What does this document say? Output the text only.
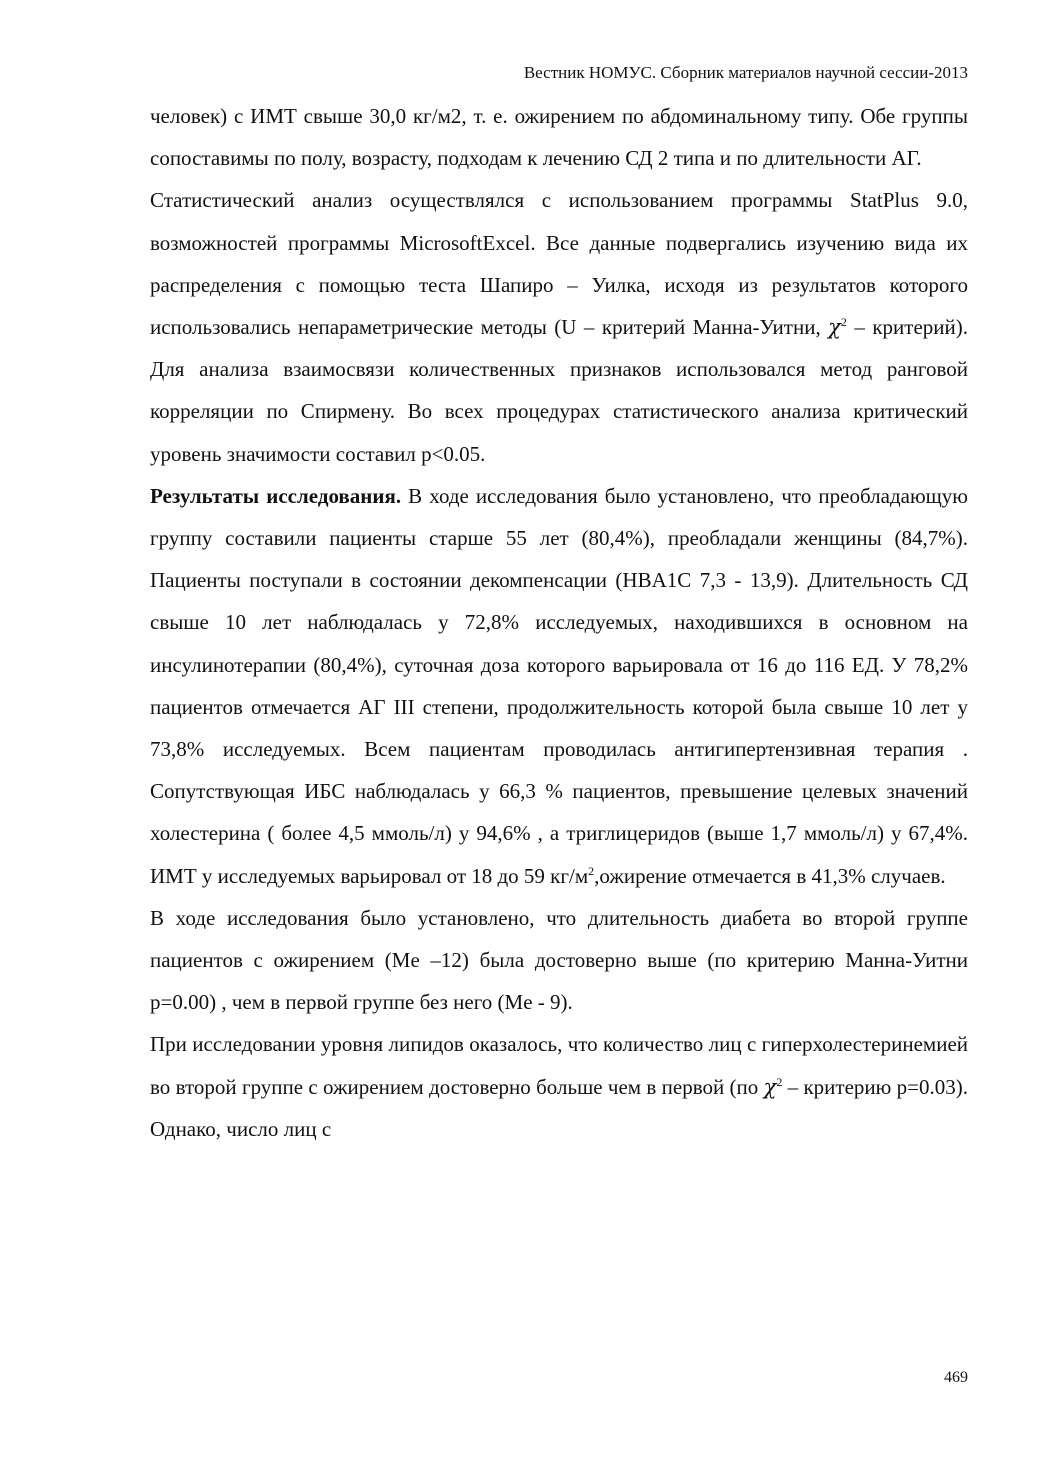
Вестник НОМУС. Сборник материалов научной сессии-2013

человек) с ИМТ свыше 30,0 кг/м2, т. е. ожирением по абдоминальному типу. Обе группы сопоставимы по полу, возрасту, подходам к лечению СД 2 типа и по длительности АГ.

Статистический анализ осуществлялся с использованием программы StatPlus 9.0, возможностей программы MicrosoftExcel. Все данные подвергались изучению вида их распределения с помощью теста Шапиро – Уилка, исходя из результатов которого использовались непараметрические методы (U – критерий Манна-Уитни, $\chi^2$ – критерий). Для анализа взаимосвязи количественных признаков использовался метод ранговой корреляции по Спирмену. Во всех процедурах статистического анализа критический уровень значимости составил p<0.05.

Результаты исследования. В ходе исследования было установлено, что преобладающую группу составили пациенты старше 55 лет (80,4%), преобладали женщины (84,7%). Пациенты поступали в состоянии декомпенсации (HBA1C 7,3 - 13,9). Длительность СД свыше 10 лет наблюдалась у 72,8% исследуемых, находившихся в основном на инсулинотерапии (80,4%), суточная доза которого варьировала от 16 до 116 ЕД. У 78,2% пациентов отмечается АГ III степени, продолжительность которой была свыше 10 лет у 73,8% исследуемых. Всем пациентам проводилась антигипертензивная терапия . Сопутствующая ИБС наблюдалась у 66,3 % пациентов, превышение целевых значений холестерина ( более 4,5 ммоль/л) у 94,6% , а триглицеридов (выше 1,7 ммоль/л) у 67,4%. ИМТ у исследуемых варьировал от 18 до 59 $кг/м^2,ожирение$ отмечается в 41,3% случаев.

В ходе исследования было установлено, что длительность диабета во второй группе пациентов с ожирением (Me –12) была достоверно выше (по критерию Манна-Уитни p=0.00) , чем в первой группе без него (Me - 9).

При исследовании уровня липидов оказалось, что количество лиц с гиперхолестеринемией во второй группе с ожирением достоверно больше чем в первой (по $\chi^2$ – критерию p=0.03). Однако, число лиц с

469
